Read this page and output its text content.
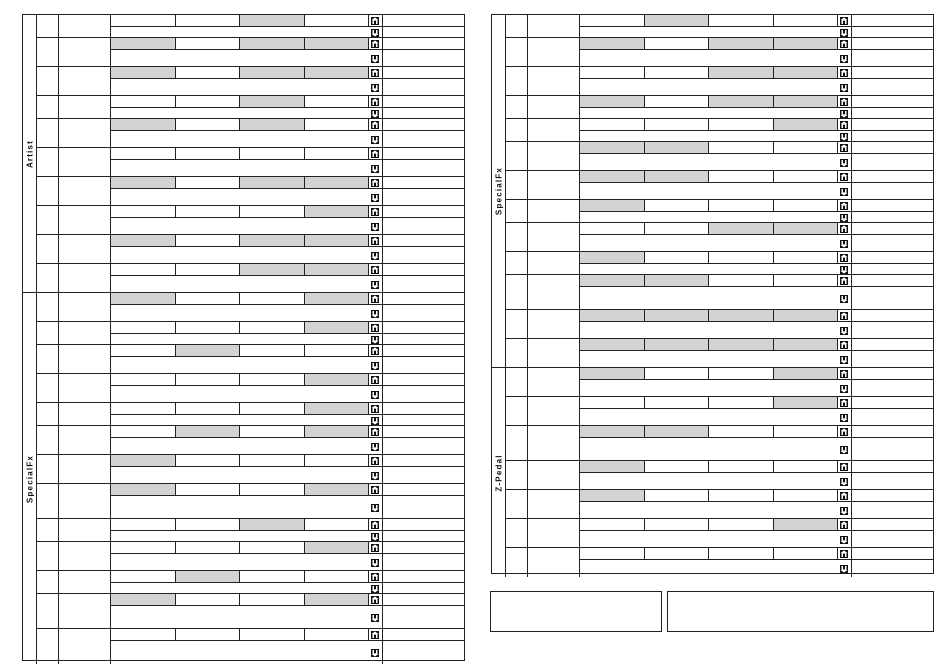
Artist
SpecialFx
SpecialFx
Z-Pedal
